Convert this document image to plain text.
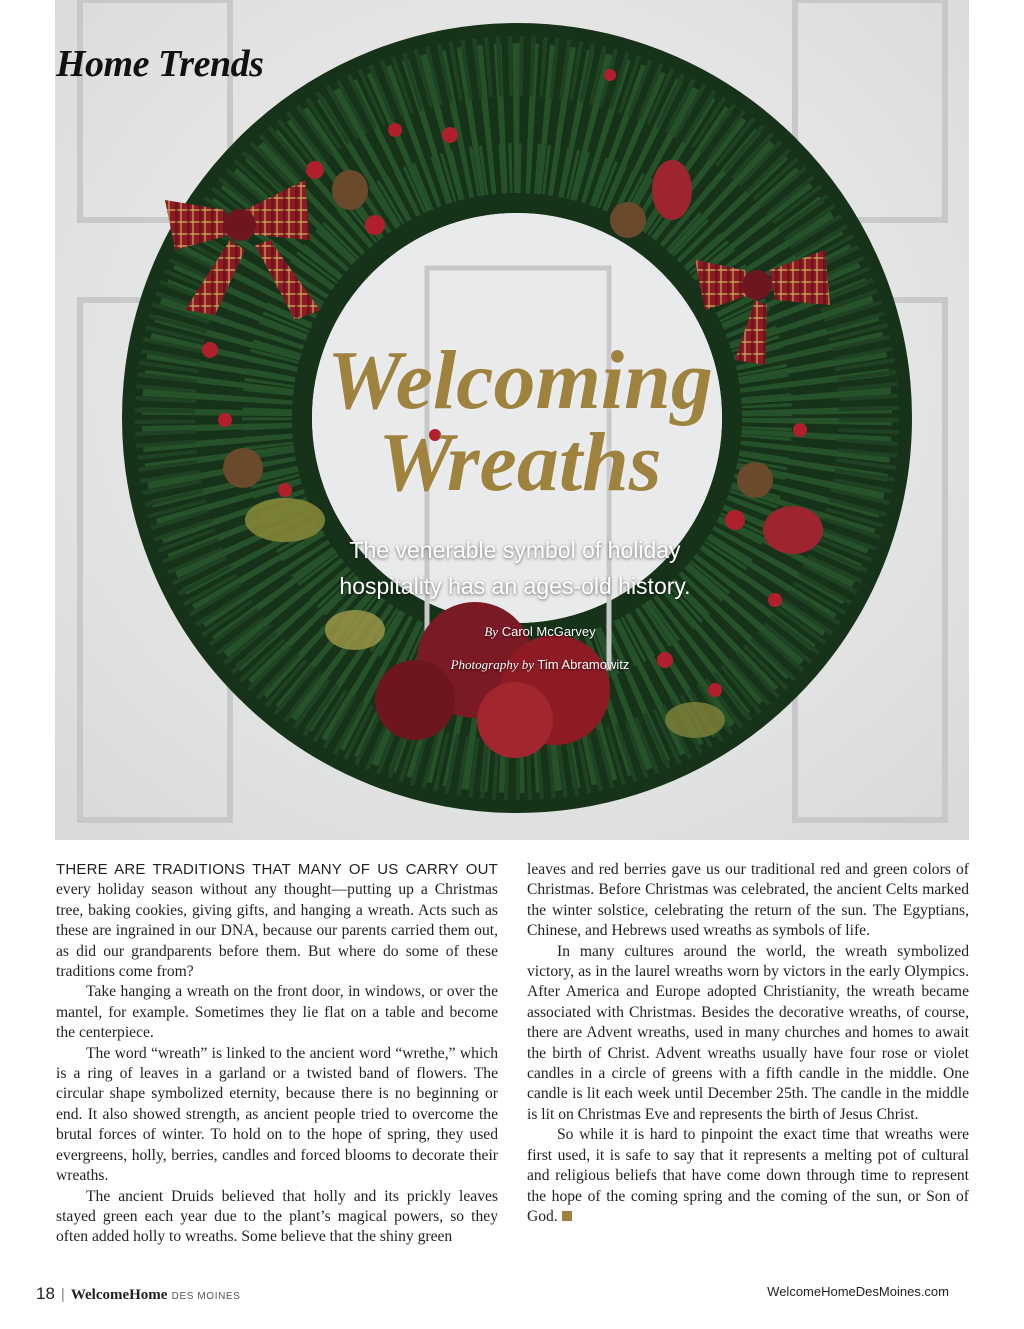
Home Trends
Welcoming
Wreaths
The venerable symbol of holiday
hospitality has an ages-old history.
By Carol McGarvey
Photography by Tim Abramowitz

THERE ARE TRADITIONS THAT MANY OF US CARRY OUT every holiday season without any thought—putting up a Christmas tree, baking cookies, giving gifts, and hanging a wreath. Acts such as these are ingrained in our DNA, because our parents carried them out, as did our grandparents before them. But where do some of these traditions come from?

Take hanging a wreath on the front door, in windows, or over the mantel, for example. Sometimes they lie flat on a table and become the centerpiece.

The word “wreath” is linked to the ancient word “wrethe,” which is a ring of leaves in a garland or a twisted band of flowers. The circular shape symbolized eternity, because there is no beginning or end. It also showed strength, as ancient people tried to overcome the brutal forces of winter. To hold on to the hope of spring, they used evergreens, holly, berries, candles and forced blooms to decorate their wreaths.

The ancient Druids believed that holly and its prickly leaves stayed green each year due to the plant’s magical powers, so they often added holly to wreaths. Some believe that the shiny green

leaves and red berries gave us our traditional red and green colors of Christmas. Before Christmas was celebrated, the ancient Celts marked the winter solstice, celebrating the return of the sun. The Egyptians, Chinese, and Hebrews used wreaths as symbols of life.

In many cultures around the world, the wreath symbolized victory, as in the laurel wreaths worn by victors in the early Olympics. After America and Europe adopted Christianity, the wreath became associated with Christmas. Besides the decorative wreaths, of course, there are Advent wreaths, used in many churches and homes to await the birth of Christ. Advent wreaths usually have four rose or violet candles in a circle of greens with a fifth candle in the middle. One candle is lit each week until December 25th. The candle in the middle is lit on Christmas Eve and represents the birth of Jesus Christ.

So while it is hard to pinpoint the exact time that wreaths were first used, it is safe to say that it represents a melting pot of cultural and religious beliefs that have come down through time to represent the hope of the coming spring and the coming of the sun, or Son of God.

18 | WelcomeHome DES MOINES	WelcomeHomeDesMoines.com
